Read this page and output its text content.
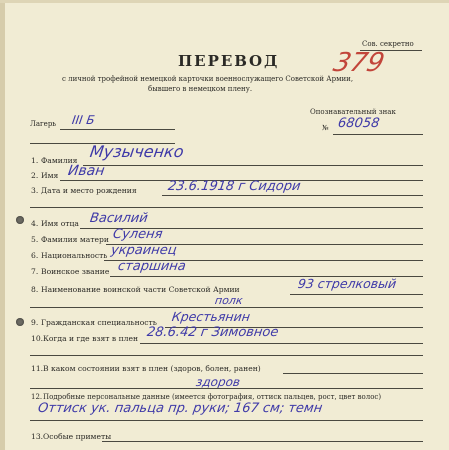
Сов. секретно
379
ПЕРЕВОД
с личной трофейной немецкой карточки военнослужащего Советской Армии,
бывшего в немецком плену.
Лагерь III Б
Опознавательный знак
№ 68058
1. Фамилия Музыченко
2. Имя Иван
3. Дата и место рождения 23.6.1918 г Сидори
4. Имя отца Василий
5. Фамилия матери Суленя
6. Национальность украинец
7. Воинское звание старшина
8. Наименование воинской части Советской Армии	93 стрелковый
полк
9. Гражданская специальность Крестьянин
10. Когда и где взят в плен 28.6.42 г Зимовное
11. В каком состоянии взят в плен (здоров, болен, ранен)
здоров
12. Подробные персональные данные (имеется фотография, оттиск пальцев, рост, цвет волос)
Оттиск ук. пальца пр. руки; 167 см; темн
13. Особые приметы
